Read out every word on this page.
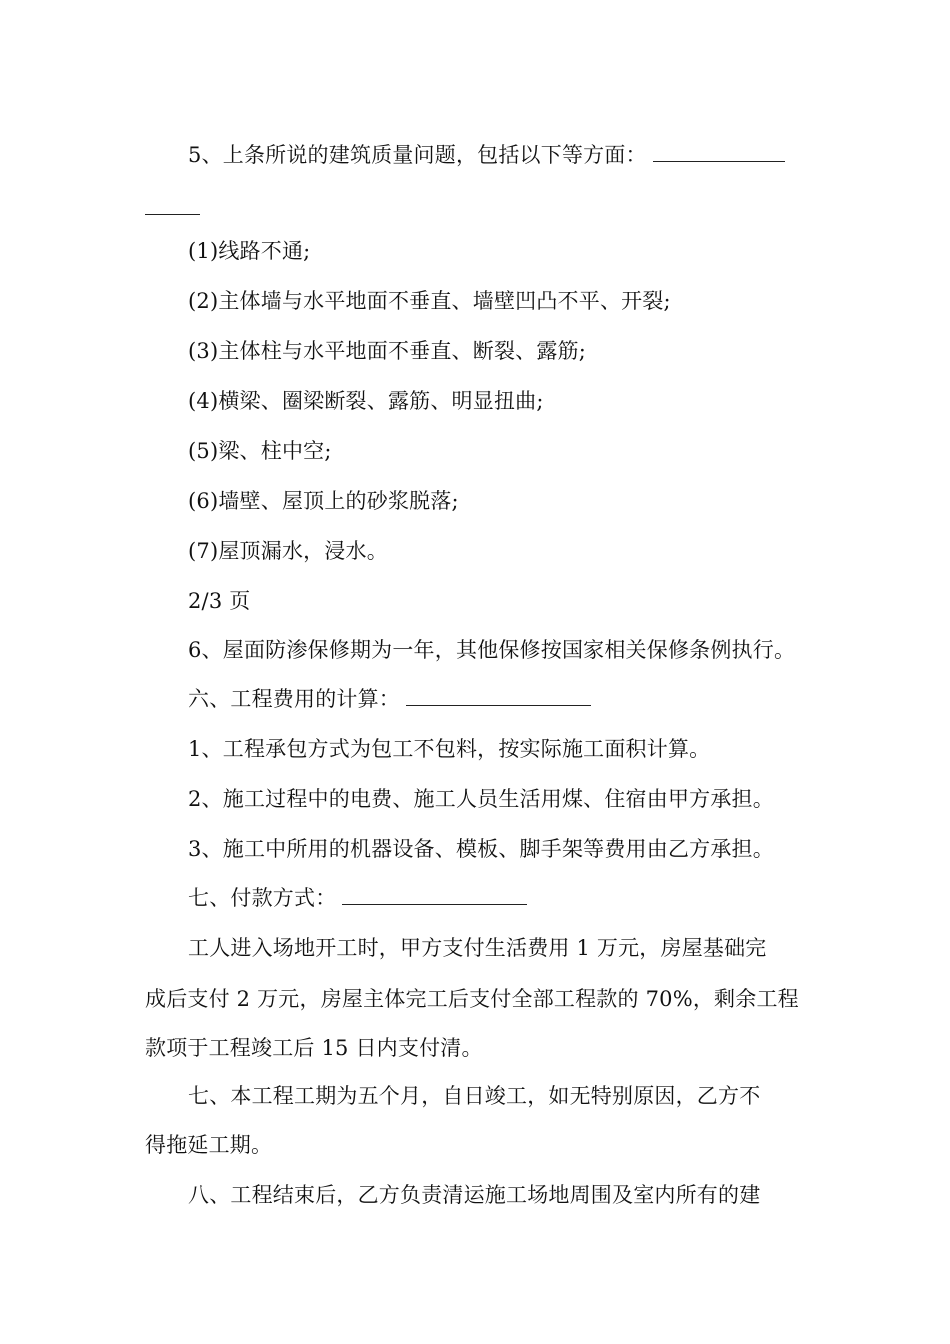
5、上条所说的建筑质量问题，包括以下等方面：
(1)线路不通;
(2)主体墙与水平地面不垂直、墙壁凹凸不平、开裂;
(3)主体柱与水平地面不垂直、断裂、露筋;
(4)横梁、圈梁断裂、露筋、明显扭曲;
(5)梁、柱中空;
(6)墙壁、屋顶上的砂浆脱落;
(7)屋顶漏水，浸水。
2/3 页
6、屋面防渗保修期为一年，其他保修按国家相关保修条例执行。
六、工程费用的计算：
1、工程承包方式为包工不包料，按实际施工面积计算。
2、施工过程中的电费、施工人员生活用煤、住宿由甲方承担。
3、施工中所用的机器设备、模板、脚手架等费用由乙方承担。
七、付款方式：
工人进入场地开工时，甲方支付生活费用 1 万元，房屋基础完
成后支付 2 万元，房屋主体完工后支付全部工程款的 70%，剩余工程
款项于工程竣工后 15 日内支付清。
七、本工程工期为五个月，自日竣工，如无特别原因，乙方不
得拖延工期。
八、工程结束后，乙方负责清运施工场地周围及室内所有的建
